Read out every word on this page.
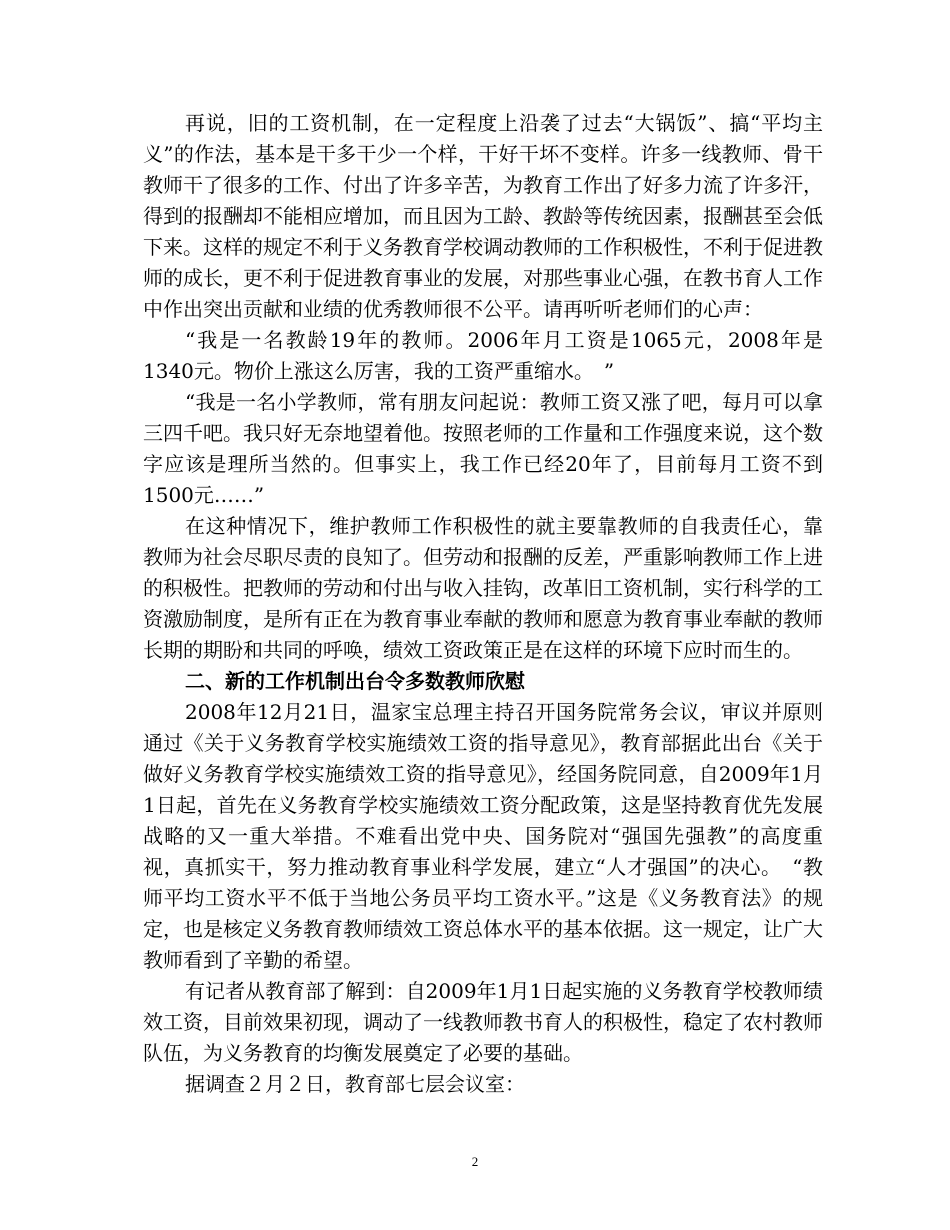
再说，旧的工资机制，在一定程度上沿袭了过去“大锅饭”、搞“平均主义”的作法，基本是干多干少一个样，干好干坏不变样。许多一线教师、骨干教师干了很多的工作、付出了许多辛苦，为教育工作出了好多力流了许多汗，得到的报酬却不能相应增加，而且因为工龄、教龄等传统因素，报酬甚至会低下来。这样的规定不利于义务教育学校调动教师的工作积极性，不利于促进教师的成长，更不利于促进教育事业的发展，对那些事业心强，在教书育人工作中作出突出贡献和业绩的优秀教师很不公平。请再听听老师们的心声：

“我是一名教龄19年的教师。2006年月工资是1065元，2008年是1340元。物价上涨这么厉害，我的工资严重缩水。　”

“我是一名小学教师，常有朋友问起说：教师工资又涨了吧，每月可以拿三四千吧。我只好无奈地望着他。按照老师的工作量和工作强度来说，这个数字应该是理所当然的。但事实上，我工作已经20年了，目前每月工资不到1500元……”

在这种情况下，维护教师工作积极性的就主要靠教师的自我责任心，靠教师为社会尽职尽责的良知了。但劳动和报酬的反差，严重影响教师工作上进的积极性。把教师的劳动和付出与收入挂钩，改革旧工资机制，实行科学的工资激励制度，是所有正在为教育事业奉献的教师和愿意为教育事业奉献的教师长期的期盼和共同的呼唤，绩效工资政策正是在这样的环境下应时而生的。

二、新的工作机制出台令多数教师欣慰

2008年12月21日，温家宝总理主持召开国务院常务会议，审议并原则通过《关于义务教育学校实施绩效工资的指导意见》，教育部据此出台《关于做好义务教育学校实施绩效工资的指导意见》，经国务院同意，自2009年1月1日起，首先在义务教育学校实施绩效工资分配政策，这是坚持教育优先发展战略的又一重大举措。不难看出党中央、国务院对“强国先强教”的高度重视，真抓实干，努力推动教育事业科学发展，建立“人才强国”的决心。　“教师平均工资水平不低于当地公务员平均工资水平。”这是《义务教育法》的规定，也是核定义务教育教师绩效工资总体水平的基本依据。这一规定，让广大教师看到了辛勤的希望。

有记者从教育部了解到：自2009年1月1日起实施的义务教育学校教师绩效工资，目前效果初现，调动了一线教师教书育人的积极性，稳定了农村教师队伍，为义务教育的均衡发展奠定了必要的基础。

据调查２月２日，教育部七层会议室：

2
